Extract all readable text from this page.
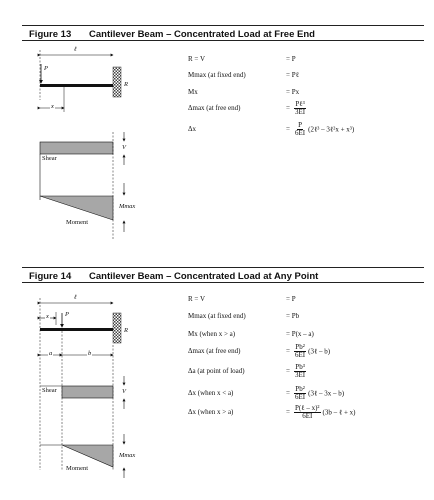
Figure 13 Cantilever Beam – Concentrated Load at Free End
ℓ
P
R
x
Shear
V
Moment
Mmax
R = V	= P
Mmax (at fixed end)	= Pℓ
Mx	= Px
Δmax (at free end)	= $\frac{\text{Pℓ³}}{3EI}$
Δx	= $\frac{P}{6EI}$ (2ℓ³ – 3ℓ²x + x³)
Figure 14 Cantilever Beam – Concentrated Load at Any Point
ℓ
x P
R
a	b
Shear	V
Moment
Mmax
R = V	= P
Mmax (at fixed end)	= Pb
Mx (when x > a)	= P(x – a)
Δmax (at free end)	= $\frac{\text{Pb²}}{6EI}$ (3ℓ – b)
Δa (at point of load)	= $\frac{\text{Pb³}}{3EI}$
Δx (when x < a)	= $\frac{\text{Pb²}}{6EI}$ (3ℓ – 3x – b)
Δx (when x > a)	= $\frac{\text{P(ℓ – x)²}}{6EI} (3b$ – ℓ + x)
